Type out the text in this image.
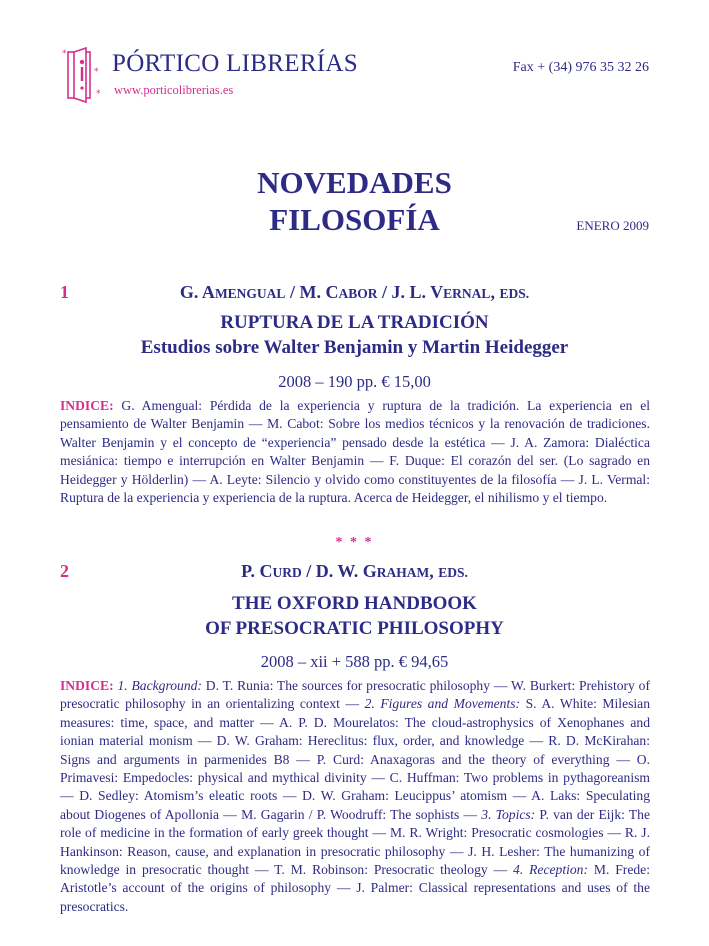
*
*
*
PÓRTICO LIBRERÍAS
www.porticolibrerias.es
Fax + (34) 976 35 32 26
NOVEDADES
FILOSOFÍA	ENERO 2009
1	G. AMENGUAL / M. CABOR / J. L. VERNAL, EDS.
RUPTURA DE LA TRADICIÓN
Estudios sobre Walter Benjamin y Martin Heidegger
2008 – 190 pp. € 15,00
INDICE: G. Amengual: Pérdida de la experiencia y ruptura de la tradición. La experiencia en el pensamiento de Walter Benjamin — M. Cabot: Sobre los medios técnicos y la renovación de tradiciones. Walter Benjamin y el concepto de “experiencia” pensado desde la estética — J. A. Zamora: Dialéctica mesiánica: tiempo e interrupción en Walter Benjamin — F. Duque: El corazón del ser. (Lo sagrado en Heidegger y Hölderlin) — A. Leyte: Silencio y olvido como constituyentes de la filosofía — J. L. Vermal: Ruptura de la experiencia y experiencia de la ruptura. Acerca de Heidegger, el nihilismo y el tiempo.
* * *
2	P. CURD / D. W. GRAHAM, EDS.
THE OXFORD HANDBOOK
OF PRESOCRATIC PHILOSOPHY
2008 – xii + 588 pp. € 94,65
INDICE: 1. Background: D. T. Runia: The sources for presocratic philosophy — W. Burkert: Prehistory of presocratic philosophy in an orientalizing context — 2. Figures and Movements: S. A. White: Milesian measures: time, space, and matter — A. P. D. Mourelatos: The cloud-astrophysics of Xenophanes and ionian material monism — D. W. Graham: Hereclitus: flux, order, and knowledge — R. D. McKirahan: Signs and arguments in parmenides B8 — P. Curd: Anaxagoras and the theory of everything — O. Primavesi: Empedocles: physical and mythical divinity — C. Huffman: Two problems in pythagoreanism — D. Sedley: Atomism’s eleatic roots — D. W. Graham: Leucippus’ atomism — A. Laks: Speculating about Diogenes of Apollonia — M. Gagarin / P. Woodruff: The sophists — 3. Topics: P. van der Eijk: The role of medicine in the formation of early greek thought — M. R. Wright: Presocratic cosmologies — R. J. Hankinson: Reason, cause, and explanation in presocratic philosophy — J. H. Lesher: The humanizing of knowledge in presocratic thought — T. M. Robinson: Presocratic theology — 4. Reception: M. Frede: Aristotle’s account of the origins of philosophy — J. Palmer: Classical representations and uses of the presocratics.
